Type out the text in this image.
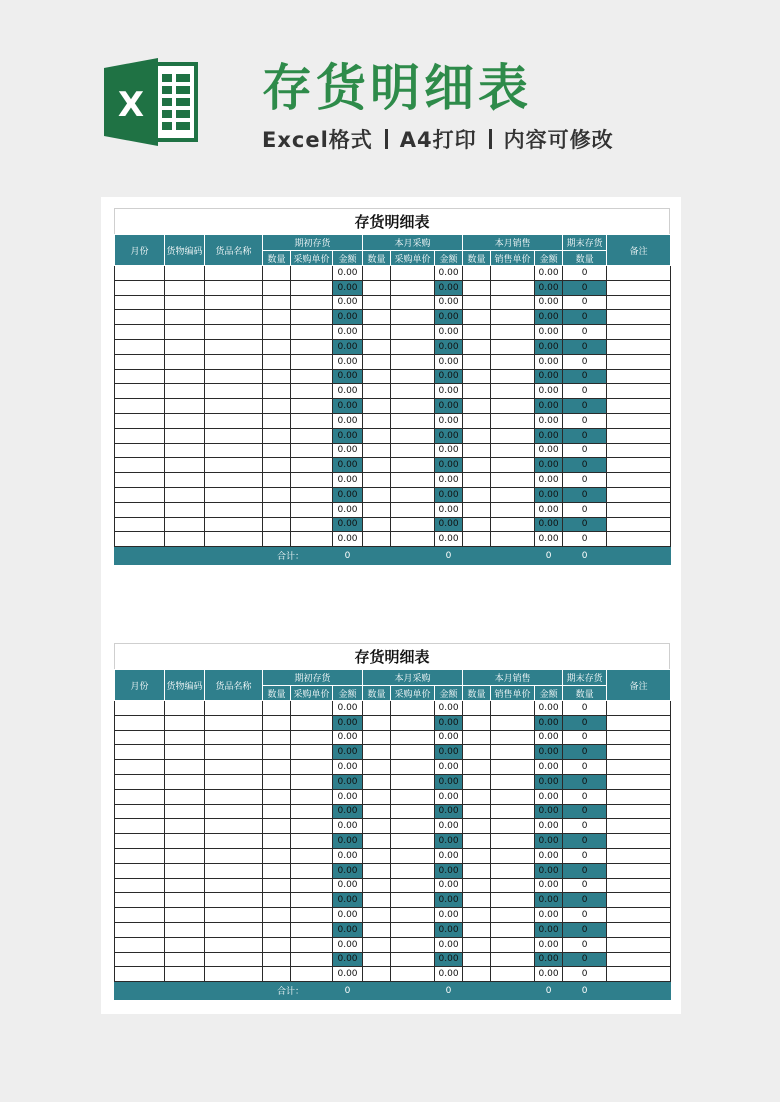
X 存货明细表
Excel格式 A4打印 内容可修改
存货明细表
月份	货物编码	货品名称	期初存货			本月采购			本月销售			期末存货	备注
			数量	采购单价	金额	数量	采购单价	金额	数量	销售单价	金额	数量	
					0.00			0.00			0.00	0	
					0.00			0.00			0.00	0	
					0.00			0.00			0.00	0	
					0.00			0.00			0.00	0	
					0.00			0.00			0.00	0	
					0.00			0.00			0.00	0	
					0.00			0.00			0.00	0	
					0.00			0.00			0.00	0	
					0.00			0.00			0.00	0	
					0.00			0.00			0.00	0	
					0.00			0.00			0.00	0	
					0.00			0.00			0.00	0	
					0.00			0.00			0.00	0	
					0.00			0.00			0.00	0	
					0.00			0.00			0.00	0	
					0.00			0.00			0.00	0	
					0.00			0.00			0.00	0	
					0.00			0.00			0.00	0	
					0.00			0.00			0.00	0	
合计：					0			0			0	0	
存货明细表
月份	货物编码	货品名称	期初存货			本月采购			本月销售			期末存货	备注
			数量	采购单价	金额	数量	采购单价	金额	数量	销售单价	金额	数量	
					0.00			0.00			0.00	0	
					0.00			0.00			0.00	0	
					0.00			0.00			0.00	0	
					0.00			0.00			0.00	0	
					0.00			0.00			0.00	0	
					0.00			0.00			0.00	0	
					0.00			0.00			0.00	0	
					0.00			0.00			0.00	0	
					0.00			0.00			0.00	0	
					0.00			0.00			0.00	0	
					0.00			0.00			0.00	0	
					0.00			0.00			0.00	0	
					0.00			0.00			0.00	0	
					0.00			0.00			0.00	0	
					0.00			0.00			0.00	0	
					0.00			0.00			0.00	0	
					0.00			0.00			0.00	0	
					0.00			0.00			0.00	0	
					0.00			0.00			0.00	0	
合计：					0			0			0	0	
